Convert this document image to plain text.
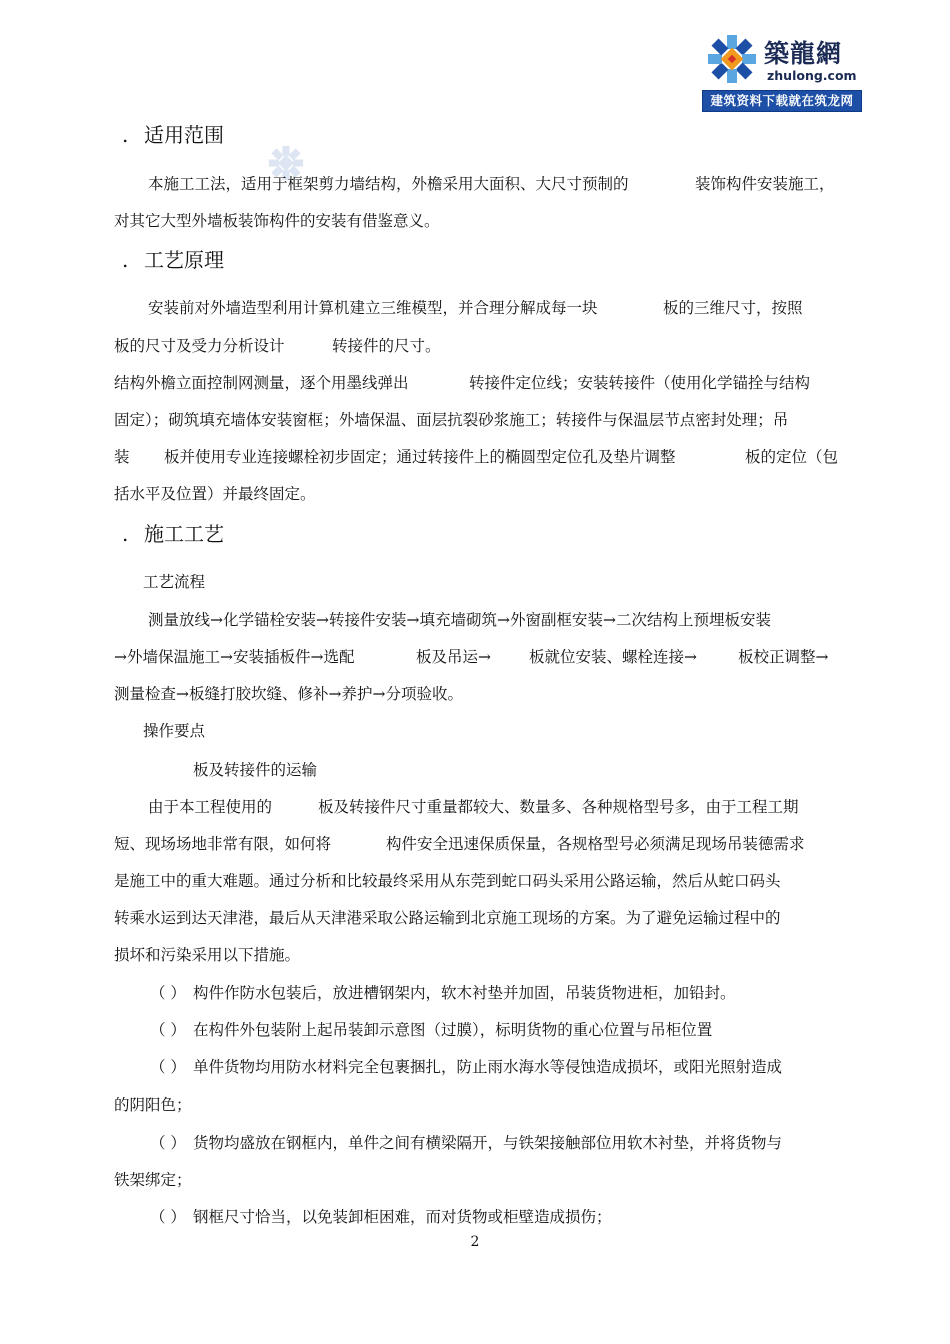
築龍網
zhulong.com
建筑资料下载就在筑龙网
. 适用范围
本施工工法，适用于框架剪力墙结构，外檐采用大面积、大尺寸预制的	装饰构件安装施工，
对其它大型外墙板装饰构件的安装有借鉴意义。
. 工艺原理
安装前对外墙造型利用计算机建立三维模型，并合理分解成每一块	板的三维尺寸，按照
板的尺寸及受力分析设计	转接件的尺寸。
结构外檐立面控制网测量，逐个用墨线弹出	转接件定位线；安装转接件（使用化学锚拴与结构
固定）；砌筑填充墙体安装窗框；外墙保温、面层抗裂砂浆施工；转接件与保温层节点密封处理；吊
装 板并使用专业连接螺栓初步固定；通过转接件上的椭圆型定位孔及垫片调整	板的定位（包
括水平及位置）并最终固定。
. 施工工艺
工艺流程
测量放线→化学锚栓安装→转接件安装→填充墙砌筑→外窗副框安装→二次结构上预埋板安装
→外墙保温施工→安装插板件→选配	板及吊运→ 板就位安装、螺栓连接→	板校正调整→
测量检查→板缝打胶坎缝、修补→养护→分项验收。
操作要点
板及转接件的运输
由于本工程使用的	板及转接件尺寸重量都较大、数量多、各种规格型号多，由于工程工期
短、现场场地非常有限，如何将	构件安全迅速保质保量，各规格型号必须满足现场吊装德需求
是施工中的重大难题。通过分析和比较最终采用从东莞到蛇口码头采用公路运输，然后从蛇口码头
转乘水运到达天津港，最后从天津港采取公路运输到北京施工现场的方案。为了避免运输过程中的
损坏和污染采用以下措施。
（ ） 构件作防水包装后，放进槽钢架内，软木衬垫并加固，吊装货物进柜，加铅封。
（ ） 在构件外包装附上起吊装卸示意图（过膜），标明货物的重心位置与吊柜位置
（ ） 单件货物均用防水材料完全包裹捆扎，防止雨水海水等侵蚀造成损坏，或阳光照射造成
的阴阳色；
（ ） 货物均盛放在钢框内，单件之间有横梁隔开，与铁架接触部位用软木衬垫，并将货物与
铁架绑定；
（ ） 钢框尺寸恰当，以免装卸柜困难，而对货物或柜壁造成损伤；
2
